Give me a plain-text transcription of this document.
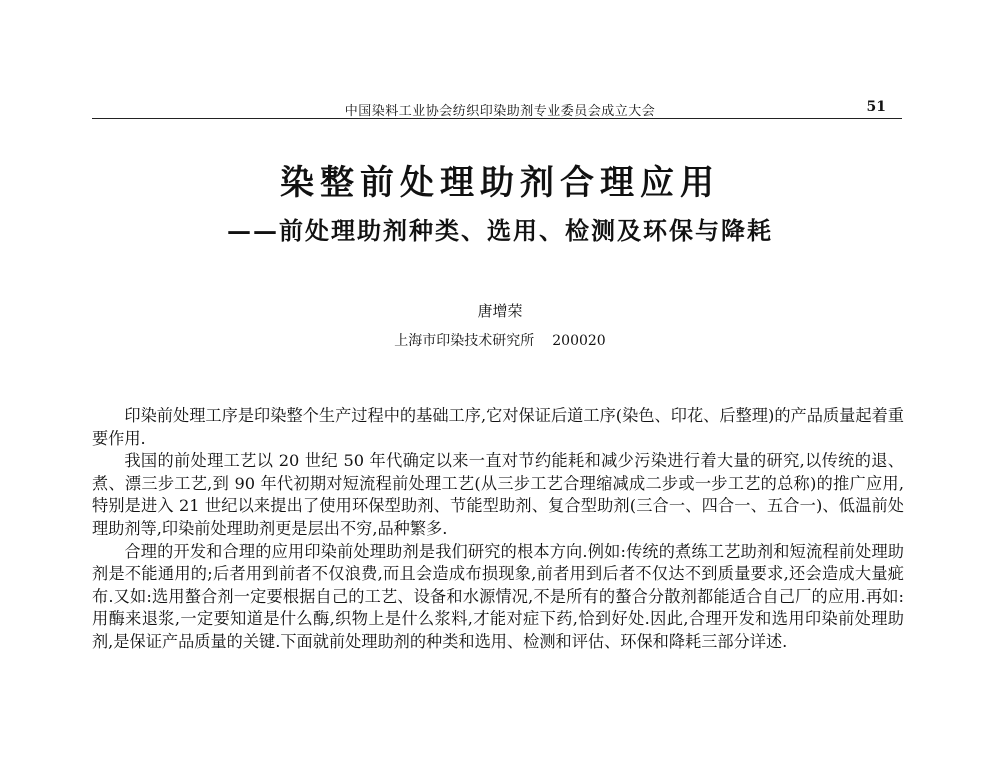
中国染料工业协会纺织印染助剂专业委员会成立大会	51
染整前处理助剂合理应用
——前处理助剂种类、选用、检测及环保与降耗
唐增荣
上海市印染技术研究所 200020

印染前处理工序是印染整个生产过程中的基础工序,它对保证后道工序(染色、印花、后整理)的产品质量起着重要作用.

我国的前处理工艺以 20 世纪 50 年代确定以来一直对节约能耗和减少污染进行着大量的研究,以传统的退、煮、漂三步工艺,到 90 年代初期对短流程前处理工艺(从三步工艺合理缩减成二步或一步工艺的总称)的推广应用,特别是进入 21 世纪以来提出了使用环保型助剂、节能型助剂、复合型助剂(三合一、四合一、五合一)、低温前处理助剂等,印染前处理助剂更是层出不穷,品种繁多.

合理的开发和合理的应用印染前处理助剂是我们研究的根本方向.例如:传统的煮练工艺助剂和短流程前处理助剂是不能通用的;后者用到前者不仅浪费,而且会造成布损现象,前者用到后者不仅达不到质量要求,还会造成大量疵布.又如:选用螯合剂一定要根据自己的工艺、设备和水源情况,不是所有的螯合分散剂都能适合自己厂的应用.再如:用酶来退浆,一定要知道是什么酶,织物上是什么浆料,才能对症下药,恰到好处.因此,合理开发和选用印染前处理助剂,是保证产品质量的关键.下面就前处理助剂的种类和选用、检测和评估、环保和降耗三部分详述.
